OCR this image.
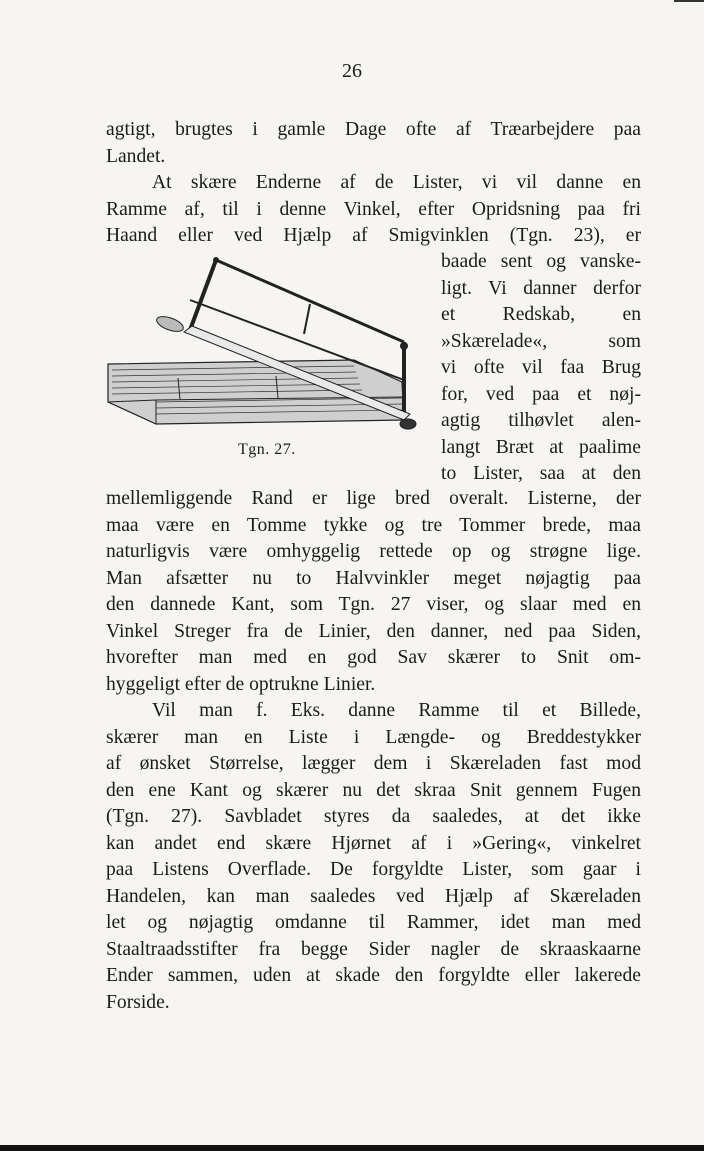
26
agtigt, brugtes i gamle Dage ofte af Træarbejdere paa
Landet.
At skære Enderne af de Lister, vi vil danne en
Ramme af, til i denne Vinkel, efter Opridsning paa fri
Haand eller ved Hjælp af Smigvinklen (Tgn. 23), er
Tgn. 27.
baade sent og vanske-
ligt. Vi danner derfor
et Redskab, en
»Skærelade«, som
vi ofte vil faa Brug
for, ved paa et nøj-
agtig tilhøvlet alen-
langt Bræt at paalime
to Lister, saa at den
mellemliggende Rand er lige bred overalt. Listerne, der
maa være en Tomme tykke og tre Tommer brede, maa
naturligvis være omhyggelig rettede op og strøgne lige.
Man afsætter nu to Halvvinkler meget nøjagtig paa
den dannede Kant, som Tgn. 27 viser, og slaar med en
Vinkel Streger fra de Linier, den danner, ned paa Siden,
hvorefter man med en god Sav skærer to Snit om-
hyggeligt efter de optrukne Linier.
Vil man f. Eks. danne Ramme til et Billede,
skærer man en Liste i Længde- og Breddestykker
af ønsket Størrelse, lægger dem i Skæreladen fast mod
den ene Kant og skærer nu det skraa Snit gennem Fugen
(Tgn. 27). Savbladet styres da saaledes, at det ikke
kan andet end skære Hjørnet af i »Gering«, vinkelret
paa Listens Overflade. De forgyldte Lister, som gaar i
Handelen, kan man saaledes ved Hjælp af Skæreladen
let og nøjagtig omdanne til Rammer, idet man med
Staaltraadsstifter fra begge Sider nagler de skraaskaarne
Ender sammen, uden at skade den forgyldte eller lakerede
Forside.
